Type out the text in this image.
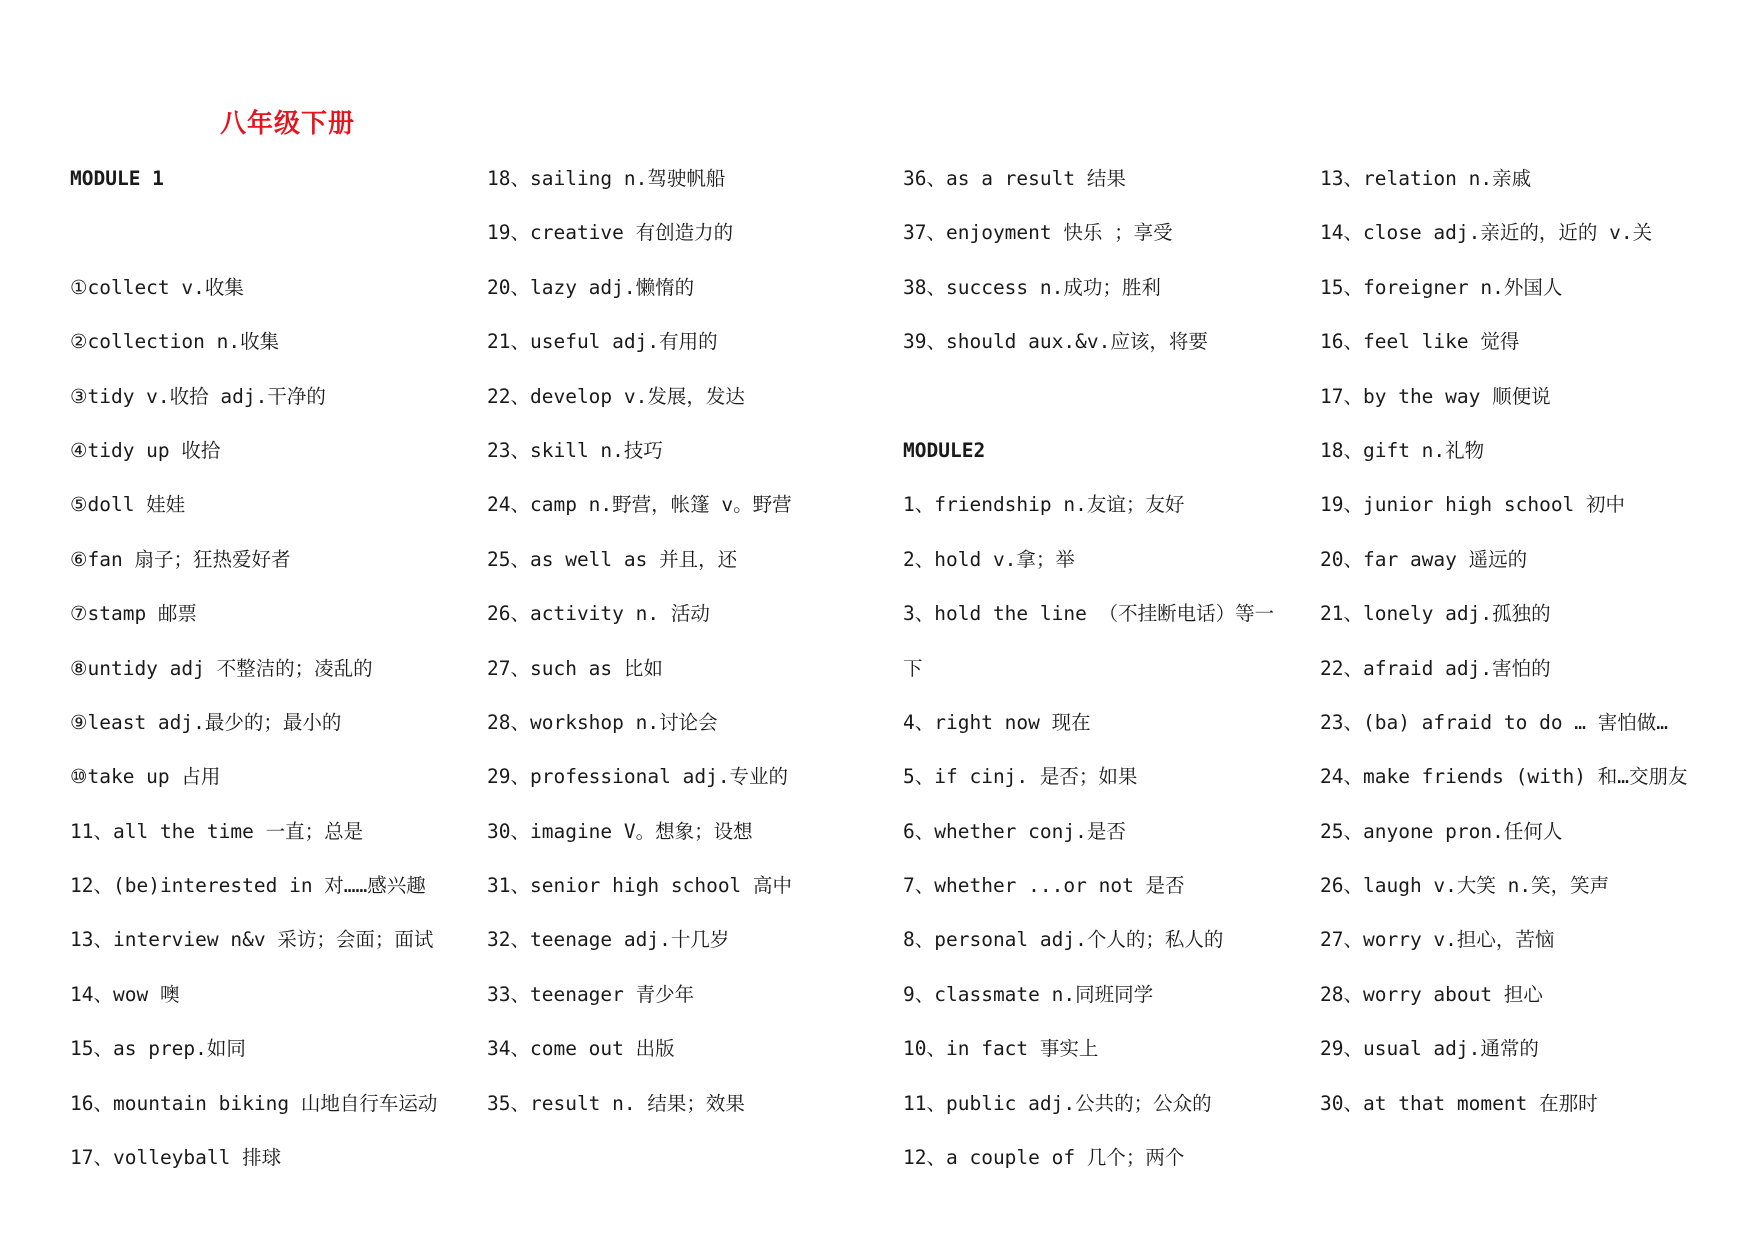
八年级下册
MODULE 1
①collect v.收集
②collection n.收集
③tidy v.收拾 adj.干净的
④tidy up 收拾
⑤doll 娃娃
⑥fan 扇子；狂热爱好者
⑦stamp 邮票
⑧untidy adj 不整洁的；凌乱的
⑨least adj.最少的；最小的
⑩take up 占用
11、all the time 一直；总是
12、(be)interested in 对……感兴趣
13、interview n&v 采访；会面；面试
14、wow 噢
15、as prep.如同
16、mountain biking 山地自行车运动
17、volleyball 排球
18、sailing n.驾驶帆船
19、creative 有创造力的
20、lazy adj.懒惰的
21、useful adj.有用的
22、develop v.发展，发达
23、skill n.技巧
24、camp n.野营，帐篷 v。野营
25、as well as 并且，还
26、activity n. 活动
27、such as 比如
28、workshop n.讨论会
29、professional adj.专业的
30、imagine V。想象；设想
31、senior high school 高中
32、teenage adj.十几岁
33、teenager 青少年
34、come out 出版
35、result n. 结果；效果
36、as a result 结果
37、enjoyment 快乐 ；享受
38、success n.成功；胜利
39、should aux.&v.应该，将要
MODULE2
1、friendship n.友谊；友好
2、hold v.拿；举
3、hold the line （不挂断电话）等一
下
4、right now 现在
5、if cinj. 是否；如果
6、whether conj.是否
7、whether ...or not 是否
8、personal adj.个人的；私人的
9、classmate n.同班同学
10、in fact 事实上
11、public adj.公共的；公众的
12、a couple of 几个；两个
13、relation n.亲戚
14、close adj.亲近的，近的 v.关
15、foreigner n.外国人
16、feel like 觉得
17、by the way 顺便说
18、gift n.礼物
19、junior high school 初中
20、far away 遥远的
21、lonely adj.孤独的
22、afraid adj.害怕的
23、(ba) afraid to do … 害怕做…
24、make friends (with) 和…交朋友
25、anyone pron.任何人
26、laugh v.大笑 n.笑，笑声
27、worry v.担心，苦恼
28、worry about 担心
29、usual adj.通常的
30、at that moment 在那时
